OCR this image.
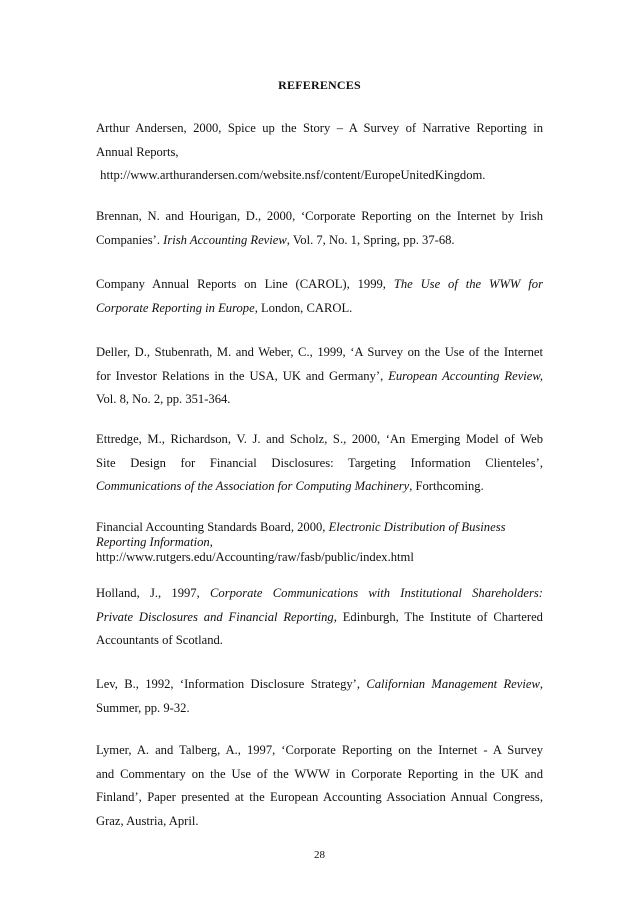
REFERENCES
Arthur Andersen, 2000, Spice up the Story – A Survey of Narrative Reporting in
Annual Reports,
http://www.arthurandersen.com/website.nsf/content/EuropeUnitedKingdom.
Brennan, N. and Hourigan, D., 2000, ‘Corporate Reporting on the Internet by Irish
Companies’. Irish Accounting Review, Vol. 7, No. 1, Spring, pp. 37-68.
Company Annual Reports on Line (CAROL), 1999, The Use of the WWW for
Corporate Reporting in Europe, London, CAROL.
Deller, D., Stubenrath, M. and Weber, C., 1999, ‘A Survey on the Use of the Internet
for Investor Relations in the USA, UK and Germany’, European Accounting Review,
Vol. 8, No. 2, pp. 351-364.
Ettredge, M., Richardson, V. J. and Scholz, S., 2000, ‘An Emerging Model of Web
Site Design for Financial Disclosures: Targeting Information Clienteles’,
Communications of the Association for Computing Machinery, Forthcoming.
Financial Accounting Standards Board, 2000, Electronic Distribution of Business
Reporting Information,
http://www.rutgers.edu/Accounting/raw/fasb/public/index.html
Holland, J., 1997, Corporate Communications with Institutional Shareholders:
Private Disclosures and Financial Reporting, Edinburgh, The Institute of Chartered
Accountants of Scotland.
Lev, B., 1992, ‘Information Disclosure Strategy’, Californian Management Review,
Summer, pp. 9-32.
Lymer, A. and Talberg, A., 1997, ‘Corporate Reporting on the Internet - A Survey
and Commentary on the Use of the WWW in Corporate Reporting in the UK and
Finland’, Paper presented at the European Accounting Association Annual Congress,
Graz, Austria, April.
28
